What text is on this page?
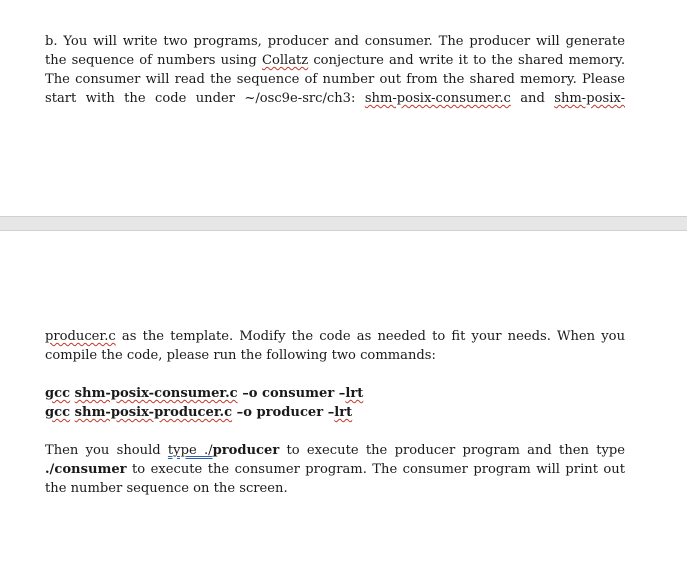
b. You will write two programs, producer and consumer. The producer will generate
the sequence of numbers using Collatz conjecture and write it to the shared memory.
The consumer will read the sequence of number out from the shared memory. Please
start with the code under ~/osc9e-src/ch3: shm-posix-consumer.c and shm-posix-

producer.c as the template. Modify the code as needed to fit your needs. When you
compile the code, please run the following two commands:

gcc shm-posix-consumer.c –o consumer –lrt
gcc shm-posix-producer.c –o producer –lrt

Then you should type ./producer to execute the producer program and then type
./consumer to execute the consumer program. The consumer program will print out
the number sequence on the screen.
